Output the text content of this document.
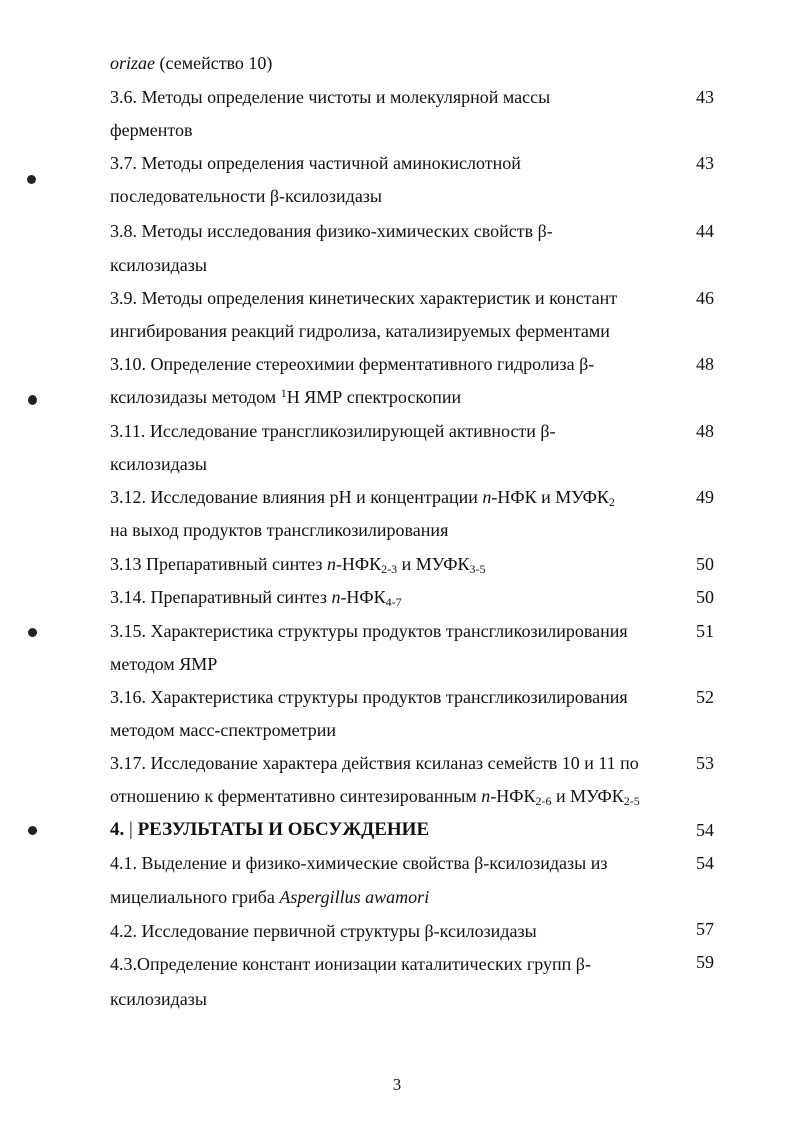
orizae (семейство 10)
3.6. Методы определение чистоты и молекулярной массы	43
ферментов
3.7. Методы определения частичной аминокислотной	43
последовательности β-ксилозидазы
3.8. Методы исследования физико-химических свойств β-	44
ксилозидазы
3.9. Методы определения кинетических характеристик и констант	46
ингибирования реакций гидролиза, катализируемых ферментами
3.10. Определение стереохимии ферментативного гидролиза β-	48
ксилозидазы методом $^1$Н ЯМР спектроскопии
3.11. Исследование трансгликозилирующей активности β-	48
ксилозидазы
3.12. Исследование влияния рН и концентрации n-НФК и $МУФК_2$	49
на выход продуктов трансгликозилирования
3.13 Препаративный синтез $n-НФК_{2-3}$ и $МУФК_{3-5}$	50
3.14. Препаративный синтез $n-НФК_{4-7}$	50
3.15. Характеристика структуры продуктов трансгликозилирования	51
методом ЯМР
3.16. Характеристика структуры продуктов трансгликозилирования	52
методом масс-спектрометрии
3.17. Исследование характера действия ксиланаз семейств 10 и 11 по	53
отношению к ферментативно синтезированным $n-НФК_{2-6}$ и $МУФК_{2-5}$
4. | РЕЗУЛЬТАТЫ И ОБСУЖДЕНИЕ	54
4.1. Выделение и физико-химические свойства β-ксилозидазы из	54
мицелиального гриба Aspergillus awamori
4.2. Исследование первичной структуры β-ксилозидазы	57
4.3.Определение констант ионизации каталитических групп β-	59
ксилозидазы
3
